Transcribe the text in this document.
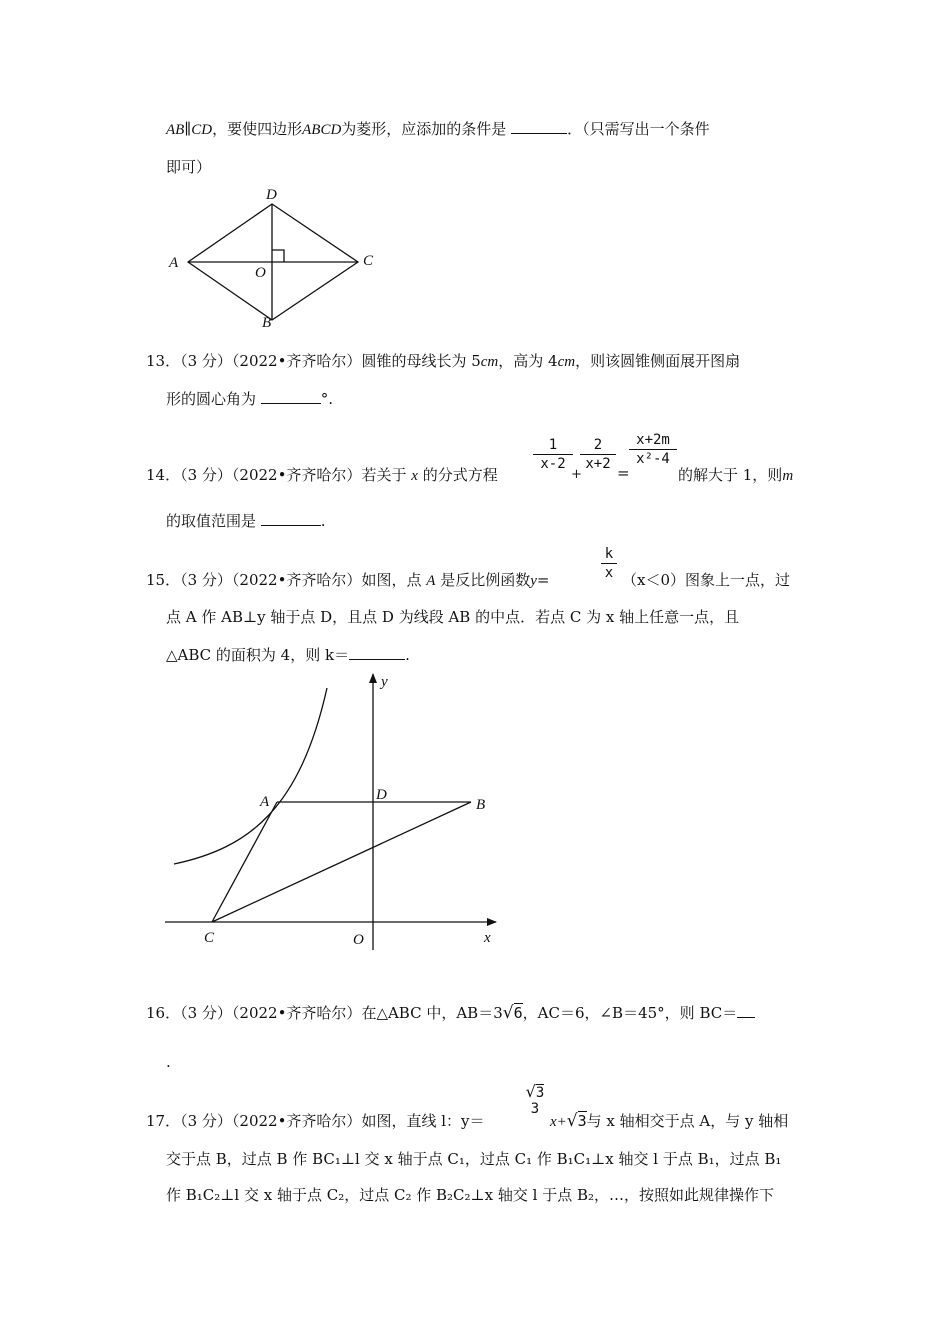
AB∥CD，要使四边形ABCD为菱形，应添加的条件是	．（只需写出一个条件
即可）
A
D
C
O
B
13．（3 分）（2022•齐齐哈尔）圆锥的母线长为 5cm，高为 4cm，则该圆锥侧面展开图扇
形的圆心角为	°.
14．（3 分）（2022•齐齐哈尔）若关于 x 的分式方程
1
x-2
+
2
x+2 =
x+2m
x²-4
的解大于 1，则m
的取值范围是	.
15．（3 分）（2022•齐齐哈尔）如图，点 A 是反比例函数y=
k
x （x＜0）图象上一点，过
点 A 作 AB⊥y 轴于点 D，且点 D 为线段 AB 的中点．若点 C 为 x 轴上任意一点，且
△ABC 的面积为 4，则 k＝	.
y
x
A	D
B
C	O
16．（3 分）（2022•齐齐哈尔）在△ABC 中，AB＝3√6，AC＝6，∠B＝45°，则 BC＝
.
17．（3 分）（2022•齐齐哈尔）如图，直线 l：y＝
√3
3
x+√3与 x 轴相交于点 A，与 y 轴相
交于点 B，过点 B 作 BC₁⊥l 交 x 轴于点 C₁，过点 C₁ 作 B₁C₁⊥x 轴交 l 于点 B₁，过点 B₁
作 B₁C₂⊥l 交 x 轴于点 C₂，过点 C₂ 作 B₂C₂⊥x 轴交 l 于点 B₂，…，按照如此规律操作下
